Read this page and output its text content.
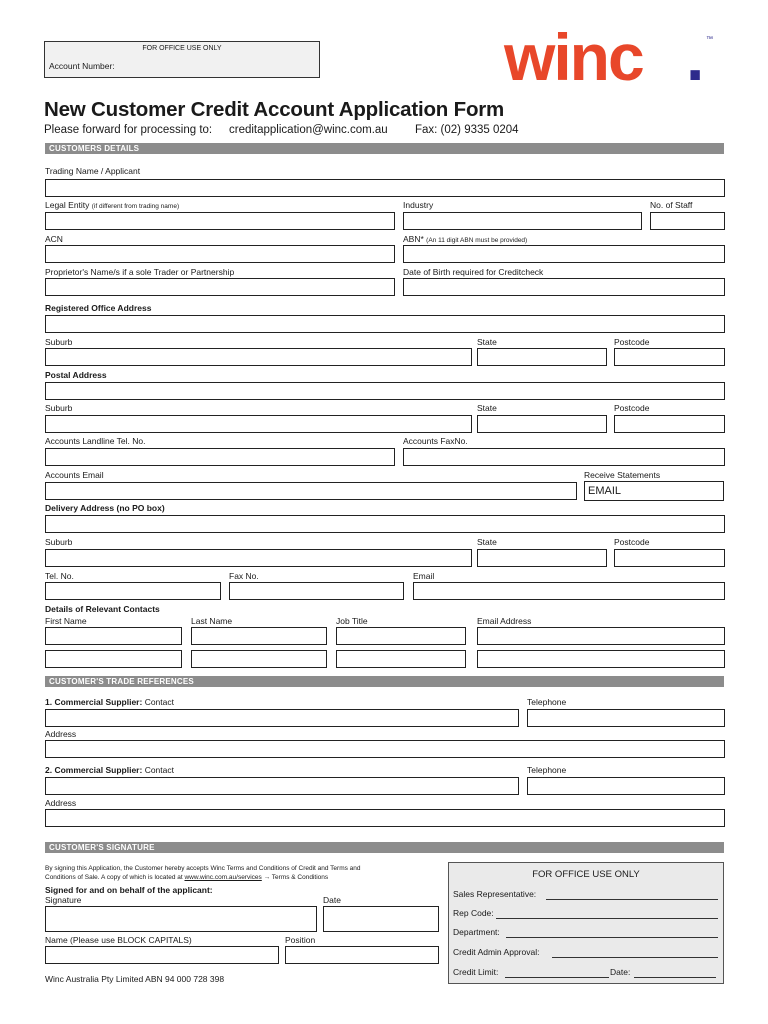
FOR OFFICE USE ONLY
Account Number:	winc . ™
New Customer Credit Account Application Form
Please forward for processing to: creditapplication@winc.com.au Fax: (02) 9335 0204
CUSTOMERS DETAILS
Trading Name / Applicant
Legal Entity (if different from trading name)	Industry	No. of Staff
ACN	ABN* (An 11 digit ABN must be provided)
Proprietor's Name/s if a sole Trader or Partnership	Date of Birth required for Creditcheck
Registered Office Address
Suburb	State	Postcode
Postal Address
Suburb	State	Postcode
Accounts Landline Tel. No.	Accounts FaxNo.
Accounts Email	Receive Statements
EMAIL
Delivery Address (no PO box)
Suburb	State	Postcode
Tel. No.	Fax No.	Email
Details of Relevant Contacts
First Name	Last Name	Job Title	Email Address
CUSTOMER'S TRADE REFERENCES
1. Commercial Supplier: Contact	Telephone
Address
2. Commercial Supplier: Contact	Telephone
Address
CUSTOMER'S SIGNATURE
By signing this Application, the Customer hereby accepts Winc Terms and Conditions of Credit and Terms and
Conditions of Sale. A copy of which is located at www.winc.com.au/services → Terms & Conditions
Signed for and on behalf of the applicant:
Signature	Date
Name (Please use BLOCK CAPITALS)	Position
Winc Australia Pty Limited ABN 94 000 728 398
FOR OFFICE USE ONLY
Sales Representative:
Rep Code:
Department:
Credit Admin Approval:
Credit Limit:	Date:
